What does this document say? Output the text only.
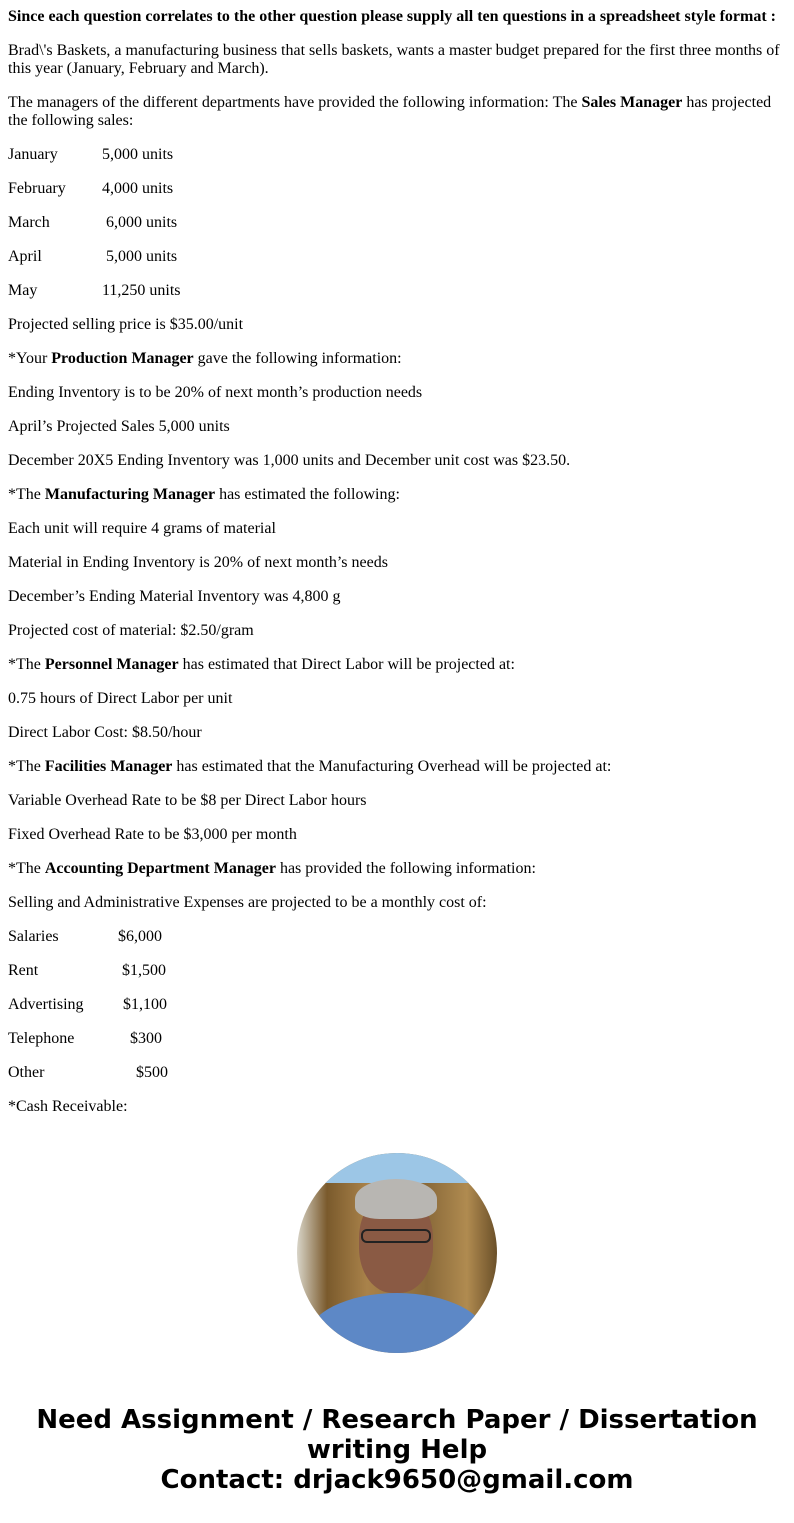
Since each question correlates to the other question please supply all ten questions in a spreadsheet style format :

Brad\'s Baskets, a manufacturing business that sells baskets, wants a master budget prepared for the first three months of this year (January, February and March).

The managers of the different departments have provided the following information: The Sales Manager has projected the following sales:

January	5,000 units

February 4,000 units

March	6,000 units

April	5,000 units

May	11,250 units

Projected selling price is $35.00/unit

*Your Production Manager gave the following information:

Ending Inventory is to be 20% of next month’s production needs

April’s Projected Sales 5,000 units

December 20X5 Ending Inventory was 1,000 units and December unit cost was $23.50.

*The Manufacturing Manager has estimated the following:

Each unit will require 4 grams of material

Material in Ending Inventory is 20% of next month’s needs

December’s Ending Material Inventory was 4,800 g

Projected cost of material: $2.50/gram

*The Personnel Manager has estimated that Direct Labor will be projected at:

0.75 hours of Direct Labor per unit

Direct Labor Cost: $8.50/hour

*The Facilities Manager has estimated that the Manufacturing Overhead will be projected at:

Variable Overhead Rate to be $8 per Direct Labor hours

Fixed Overhead Rate to be $3,000 per month

*The Accounting Department Manager has provided the following information:

Selling and Administrative Expenses are projected to be a monthly cost of:

Salaries	$6,000

Rent	$1,500

Advertising $1,100

Telephone	$300

Other	$500

*Cash Receivable:

Need Assignment / Research Paper / Dissertation writing Help
Contact: drjack9650@gmail.com
